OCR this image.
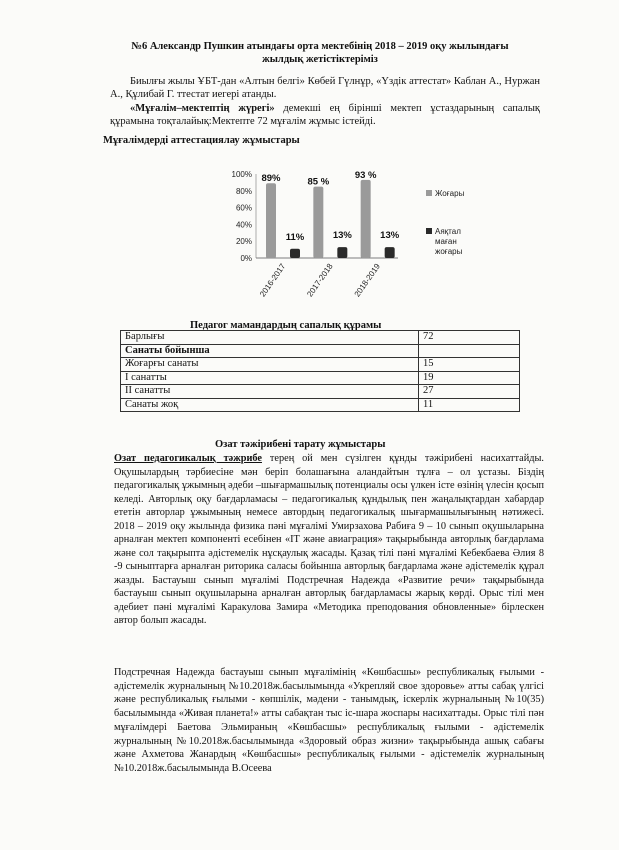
№6 Александр Пушкин атындағы орта мектебінің 2018 – 2019 оқу жылындағы жылдық жетістіктеріміз
Биылғы жылы ҰБТ-дан «Алтын белгі» Көбей Гүлнұр, «Үздік аттестат» Каблан А., Нуржан А., Құлибай Г. ттестат иегері атанды.
«Мұғалім–мектептің жүрегі» демекші ең бірінші мектеп ұстаздарының сапалық құрамына тоқталайық:Мектепте 72 мұғалім жұмыс істейді.
Мұғалімдерді аттестациялау жұмыстары
0%
20%
40%
60%
80%
100% 89%
11%
2016-2017
85 %
13%
2017-2018
93 %
13%
2018-2019
Жоғары
Аяқтал
маған
жоғары
Педагог мамандардың сапалық құрамы
Барлығы	72
Санаты бойынша	
Жоғарғы санаты	15
I санатты	19
II санатты	27
Санаты жоқ	11
Озат тәжірибені тарату жұмыстары
Озат педагогикалық тәжрибе терең ой мен сүзілген құнды тәжірибені насихаттайды. Оқушылардың тәрбиесіне мән беріп болашағына аландайтын тұлға – ол ұстазы. Біздің педагогикалық ұжымның әдеби –шығармашылық потенциалы осы үлкен істе өзінің үлесін қосып келеді. Авторлық оқу бағдарламасы – педагогикалық құндылық пен жаңалықтардан хабардар ететін авторлар ұжымының немесе автордың педагогикалық шығармашылығының нәтижесі. 2018 – 2019 оқу жылында физика пәні мұғалімі Умирзахова Рабиға 9 – 10 сынып оқушыларына арналған мектеп компоненті есебінен «IT және авиаграция» тақырыбында авторлық бағдарлама және сол тақырыпта әдістемелік нұсқаулық жасады. Қазақ тілі пәні мұғалімі Кебекбаева Әлия 8 -9 сыныптарға арналған риторика саласы бойынша авторлық бағдарлама және әдістемелік құрал жазды. Бастауыш сынып мұғалімі Подстречная Надежда «Развитие речи» тақырыбында бастауыш сынып оқушыларына арналған авторлық бағдарламасы жарық көрді. Орыс тілі мен әдебиет пәні мұғалімі Каракулова Замира «Методика преподования обновленные» бірлескен автор болып жасады.
Подстречная Надежда бастауыш сынып мұғалімінің «Көшбасшы» республикалық ғылыми - әдістемелік журналының №10.2018ж.басылымында «Укрепляй свое здоровье» атты сабақ үлгісі және республикалық ғылыми - көпшілік, мәдени - танымдық, іскерлік журналының №10(35) басылымында «Живая планета!» атты сабақтан тыс іс-шара жоспары насихаттады. Орыс тілі пән мұғалімдері Баетова Эльмираның «Көшбасшы» республикалық ғылыми - әдістемелік журналының №10.2018ж.басылымында «Здоровый образ жизни» тақырыбында ашық сабағы және Ахметова Жанардың «Көшбасшы» республикалық ғылыми - әдістемелік журналының №10.2018ж.басылымында В.Осеева
